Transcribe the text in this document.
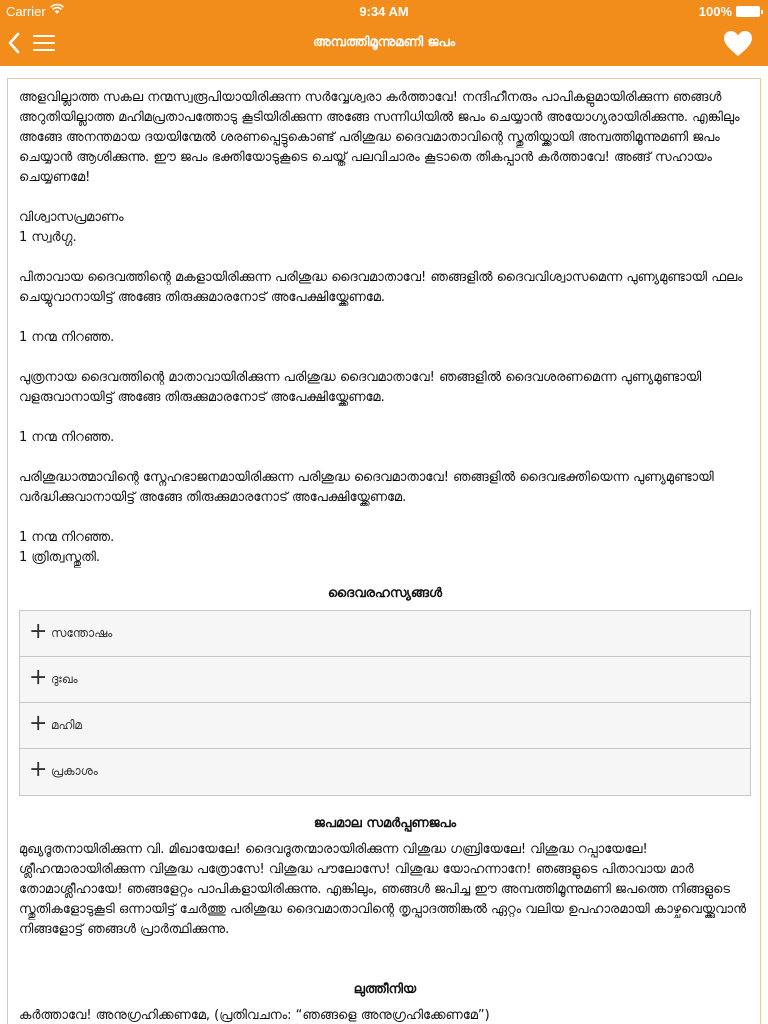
Carrier	9:34 AM	100%
അമ്പത്തിമൂന്നുമണി ജപം

അളവില്ലാത്ത സകല നന്മസ്വരൂപിയായിരിക്കുന്ന സർവ്വേശ്വരാ കർത്താവേ! നന്ദിഹീനരും പാപികളുമായിരിക്കുന്ന ഞങ്ങൾ അറുതിയില്ലാത്ത മഹിമപ്രതാപത്തോടു കൂടിയിരിക്കുന്ന അങ്ങേ സന്നിധിയിൽ ജപം ചെയ്യാൻ അയോഗ്യരായിരിക്കുന്നു. എങ്കിലും അങ്ങേ അനന്തമായ ദയയിന്മേൽ ശരണപ്പെട്ടുകൊണ്ട് പരിശുദ്ധ ദൈവമാതാവിന്റെ സ്തുതിയ്ക്കായി അമ്പത്തിമൂന്നുമണി ജപം ചെയ്യാൻ ആശിക്കുന്നു. ഈ ജപം ഭക്തിയോടുകൂടെ ചെയ്ത് പലവിചാരം കൂടാതെ തികപ്പാൻ കർത്താവേ! അങ്ങ് സഹായം ചെയ്യണമേ!

വിശ്വാസപ്രമാണം

1 സ്വർഗ്ഗ.

പിതാവായ ദൈവത്തിന്റെ മകളായിരിക്കുന്ന പരിശുദ്ധ ദൈവമാതാവേ! ഞങ്ങളിൽ ദൈവവിശ്വാസമെന്ന പുണ്യമുണ്ടായി ഫലം ചെയ്യുവാനായിട്ട് അങ്ങേ തിരുക്കുമാരനോട് അപേക്ഷിയ്ക്കേണമേ.

1 നന്മ നിറഞ്ഞ.

പുത്രനായ ദൈവത്തിന്റെ മാതാവായിരിക്കുന്ന പരിശുദ്ധ ദൈവമാതാവേ! ഞങ്ങളിൽ ദൈവശരണമെന്ന പുണ്യമുണ്ടായി വളരുവാനായിട്ട് അങ്ങേ തിരുക്കുമാരനോട് അപേക്ഷിയ്ക്കേണമേ.

1 നന്മ നിറഞ്ഞ.

പരിശുദ്ധാത്മാവിന്റെ സ്നേഹഭാജനമായിരിക്കുന്ന പരിശുദ്ധ ദൈവമാതാവേ! ഞങ്ങളിൽ ദൈവഭക്തിയെന്ന പുണ്യമുണ്ടായി വർദ്ധിക്കുവാനായിട്ട് അങ്ങേ തിരുക്കുമാരനോട് അപേക്ഷിയ്ക്കേണമേ.

1 നന്മ നിറഞ്ഞ.

1 ത്രിത്വസ്തുതി.

ദൈവരഹസ്യങ്ങൾ

+ സന്തോഷം
+ ദുഃഖം
+ മഹിമ
+ പ്രകാശം

ജപമാല സമർപ്പണജപം

മുഖ്യദൂതനായിരിക്കുന്ന വി. മിഖായേലേ! ദൈവദൂതന്മാരായിരിക്കുന്ന വിശുദ്ധ ഗബ്രിയേലേ! വിശുദ്ധ റപ്പായേലേ! ശ്ലീഹന്മാരായിരിക്കുന്ന വിശുദ്ധ പത്രോസേ! വിശുദ്ധ പൗലോസേ! വിശുദ്ധ യോഹന്നാനേ! ഞങ്ങളുടെ പിതാവായ മാർ തോമാശ്ലീഹായേ! ഞങ്ങളേറ്റം പാപികളായിരിക്കുന്നു. എങ്കിലും, ഞങ്ങൾ ജപിച്ച ഈ അമ്പത്തിമൂന്നുമണി ജപത്തെ നിങ്ങളുടെ സ്തുതികളോടുകൂടി ഒന്നായിട്ട് ചേർത്തു പരിശുദ്ധ ദൈവമാതാവിന്റെ തൃപ്പാദത്തിങ്കൽ ഏറ്റം വലിയ ഉപഹാരമായി കാഴ്ചവെയ്ക്കുവാൻ നിങ്ങളോട്ട് ഞങ്ങൾ പ്രാർത്ഥിക്കുന്നു.

ലുത്തീനിയ

കർത്താവേ! അനുഗ്രഹിക്കണമേ, (പ്രതിവചനം: “ഞങ്ങളെ അനുഗ്രഹിക്കേണമേ”)
